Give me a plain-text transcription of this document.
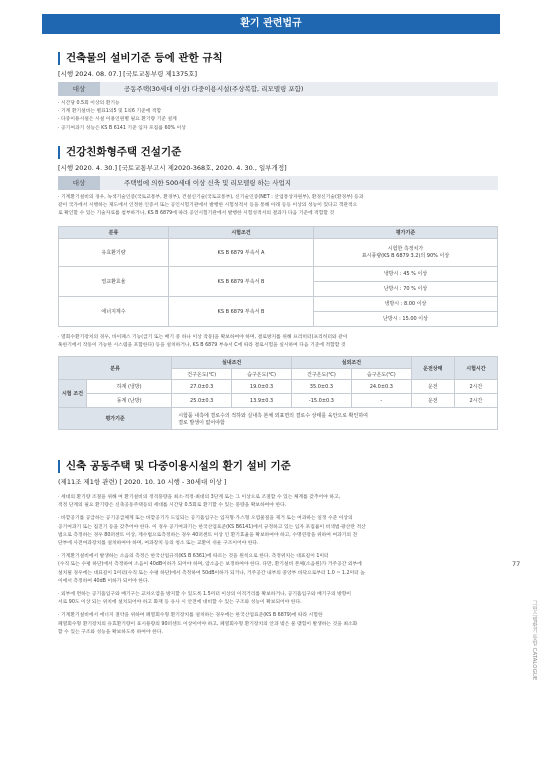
환기 관련법규
건축물의 설비기준 등에 관한 규칙
[시행 2024. 08. 07.] [국토교통부령 제1375호]
대상	공동주택(30세대 이상) 다중이용시설(주상복합, 리모델링 포함)
· 시간당 0.5회 이상의 환기능
· 기계 환기설비는 별표1의5 및 1의6 기준에 적합
· 다중이용시설은 시설 이용인원별 필요 환기량 기준 설계
· 공기여과기 성능은 KS B 6141 기준 입자 포집률 60% 이상
건강친화형주택 건설기준
[시행 2020. 4. 30.] [국토교통부고시 제2020-368호, 2020. 4. 30., 일부개정]
대상	주택법에 의한 500세대 이상 신축 및 리모델링 하는 사업지
· 기계환기설비의 경우, 녹색기술인증(국토교통부, 환경부), 건설신기술(국토교통부), 신기술인증(NET : 산업통상자원부), 환경신기술(환경부) 등과
같이 국가에서 시행하는 제도에서 인정한 인증서 또는 공인시험기관에서 발행한 시험성적서 등을 통해 아래 등등 이상의 성능이 있다고 객관적으
로 확인할 수 있는 기술자료를 첨부하거나, KS B 6879에 따라 공인시험기관에서 발행한 시험성적서의 결과가 다음 기준에 적합할 것
분류	시험조건	평가기준
유효환기량	KS B 6879 부속서 A	시험한 측정치가
표시풍량(KS B 6879 3.2)의 90% 이상

열교환효율	KS B 6879 부속서 B	냉방시 : 45 % 이상
		난방시 : 70 % 이상
에너지계수	KS B 6879 부속서 B	냉방시 : 8.00 이상
		난방시 : 15.00 이상
· 열회수환기장치의 경우, 바이패스 기능(급기 또는 배기 중 하나 이상 작동)을 확보하여야 하며, 결로방지를 위해 프리히터(프리히터와 같이
혹한기에서 작동이 가능한 시스템을 포함한다) 등을 설치하거나, KS B 6879 부속서 C에 따라 결로시험을 실시하여 다음 기준에 적합할 것
분류		실내조건		실외조건		운전상태	시험시간
		건구온도(℃)	습구온도(℃)	건구온도(℃)	습구온도(℃)		
시험 조건	하계 (냉방)	27.0±0.3	19.0±0.3	35.0±0.3	24.0±0.3	운전	2시간
	동계 (난방)	25.0±0.3	13.9±0.3	-15.0±0.3	-	운전	2시간
평가기준		시험품 내측에 결로수의 적하와 실내측 본체 외표면의 결로수 상태를 육안으로 확인하여
결로 발생이 없어야함					
신축 공동주택 및 다중이용시설의 환기 설비 기준
(제11조 제1항 관련) [ 2020. 10. 10 시행 - 30세대 이상 ]
· 세대의 환기량 조절을 위해 여 환기설비의 정격풍량을 최소·적정·최대의 3단계 또는 그 이상으로 조절할 수 있는 체계를 갖추어야 하고,
적정 단계의 필요 환기량은 신축공동주택등의 세대를 시간당 0.5회로 환기할 수 있는 풍량을 확보하여야 한다.
· 바깥공기를 공급하는 공기공급체계 또는 바깥공기가 도입되는 공기흡입구는 입자형·가스형 오염물질을 제거 또는 여과하는 일정 수준 이상의
공기여과기 또는 집진기 등을 갖추어야 한다. 이 경우 공기여과기는 한국산업표준(KS B6141)에서 규정하고 있는 입자 포집률이 비색법·광산란 적산
법으로 측정하는 경우 80퍼센트 이상, 계수법으로측정하는 경우 40퍼센트 이상 인 환기효율을 확보하여야 하고, 수명연장을 위하여 여과기의 전
단부에 사전여과장치를 설치하여야 하며, 여과장치 등의 청소 또는 교환이 쉬운 구조이어야 한다.
· 기계환기설비에서 발생하는 소음의 측정은 한국산업규격(KS B 6361)에 따르는 것을 원칙으로 한다. 측정위치는 대표길이 1미터
(수직 또는 수평 하단)에서 측정하여 소음이 40dB이하가 되어야 하며, 암소음은 보정하여야 한다. 다만, 환기설비 본체(소음원)가 거주공간 외부에
설치될 경우에는 대표길이 1미터(수직 또는 수평 하단)에서 측정하여 50dB이하가 되거나, 거주공간 내부의 중앙부 바닥으로부터 1.0 ~ 1.2미터 높
이에서 측정하여 40dB 이하가 되어야 한다.
· 외부에 면하는 공기흡입구와 배기구는 교차오염을 방지할 수 있도록 1.5미터 이상의 이격거리를 확보하거나, 공기흡입구와 배기구의 방향이
서로 90도 이상 되는 위치에 설치되어야 하고 화재 등 유사 시 안전에 대비할 수 있는 구조와 성능이 확보되어야 한다.
· 기계환기설비에서 에너지 절약을 위하여 폐열회수형 환기장치를 설치하는 경우에는 한국산업표준(KS B 6879)에 따라 시험한
폐열회수형 환기장치의 유효환기량이 표시용량의 90퍼센트 이상이어야 하고, 폐열회수형 환기장치의 안과 밖은 물 맺힘이 발생하는 것을 최소화
할 수 있는 구조와 성능을 확보하도록 하여야 한다.
77
그린스텝환기 통합 CATALOGUE
